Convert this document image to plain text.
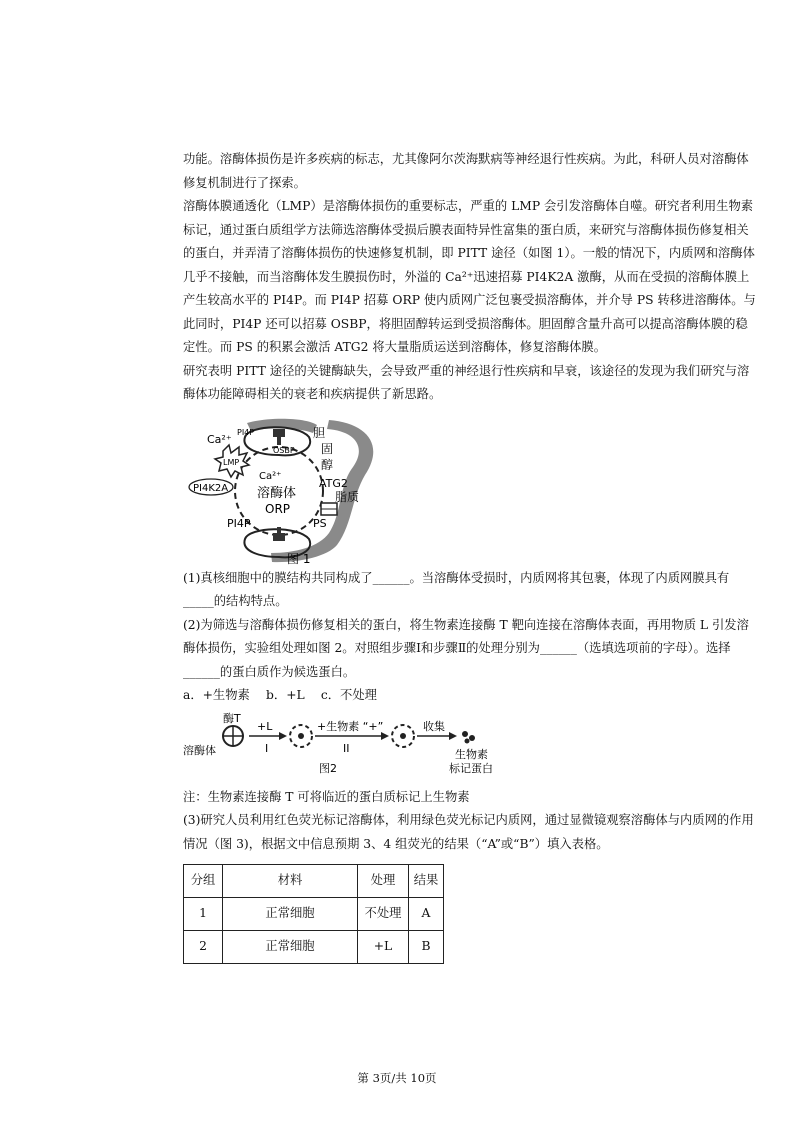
功能。溶酶体损伤是许多疾病的标志，尤其像阿尔茨海默病等神经退行性疾病。为此，科研人员对溶酶体修复机制进行了探索。

溶酶体膜通透化（LMP）是溶酶体损伤的重要标志，严重的 LMP 会引发溶酶体自噬。研究者利用生物素标记，通过蛋白质组学方法筛选溶酶体受损后膜表面特异性富集的蛋白质，来研究与溶酶体损伤修复相关的蛋白，并弄清了溶酶体损伤的快速修复机制，即 PITT 途径（如图 1）。一般的情况下，内质网和溶酶体几乎不接触，而当溶酶体发生膜损伤时，外溢的 Ca²⁺迅速招募 PI4K2A 激酶，从而在受损的溶酶体膜上产生较高水平的 PI4P。而 PI4P 招募 ORP 使内质网广泛包裹受损溶酶体，并介导 PS 转移进溶酶体。与此同时，PI4P 还可以招募 OSBP，将胆固醇转运到受损溶酶体。胆固醇含量升高可以提高溶酶体膜的稳定性。而 PS 的积累会激活 ATG2 将大量脂质运送到溶酶体，修复溶酶体膜。

研究表明 PITT 途径的关键酶缺失，会导致严重的神经退行性疾病和早衰，该途径的发现为我们研究与溶酶体功能障碍相关的衰老和疾病提供了新思路。

Ca²⁺
PI4P
LMP
OSBP
胆
固
醇
ATG2
脂质
PI4K2A
Ca²⁺
溶酶体
ORP
PI4P	PS
图 1

(1)真核细胞中的膜结构共同构成了______。当溶酶体受损时，内质网将其包裹，体现了内质网膜具有_____的结构特点。

(2)为筛选与溶酶体损伤修复相关的蛋白，将生物素连接酶 T 靶向连接在溶酶体表面，再用物质 L 引发溶酶体损伤，实验组处理如图 2。对照组步骤Ⅰ和步骤Ⅱ的处理分别为______（选填选项前的字母）。选择______的蛋白质作为候选蛋白。

a．+生物素　 b．+L　 c．不处理

酶T
溶酶体
+L
I
+生物素 “+”
II
收集
生物素
标记蛋白
图2

注：生物素连接酶 T 可将临近的蛋白质标记上生物素

(3)研究人员利用红色荧光标记溶酶体，利用绿色荧光标记内质网，通过显微镜观察溶酶体与内质网的作用情况（图 3)，根据文中信息预期 3、4 组荧光的结果（“A”或“B”）填入表格。

分组	材料	处理	结果
1	正常细胞	不处理	A
2	正常细胞	+L	B
第 3页/共 10页
